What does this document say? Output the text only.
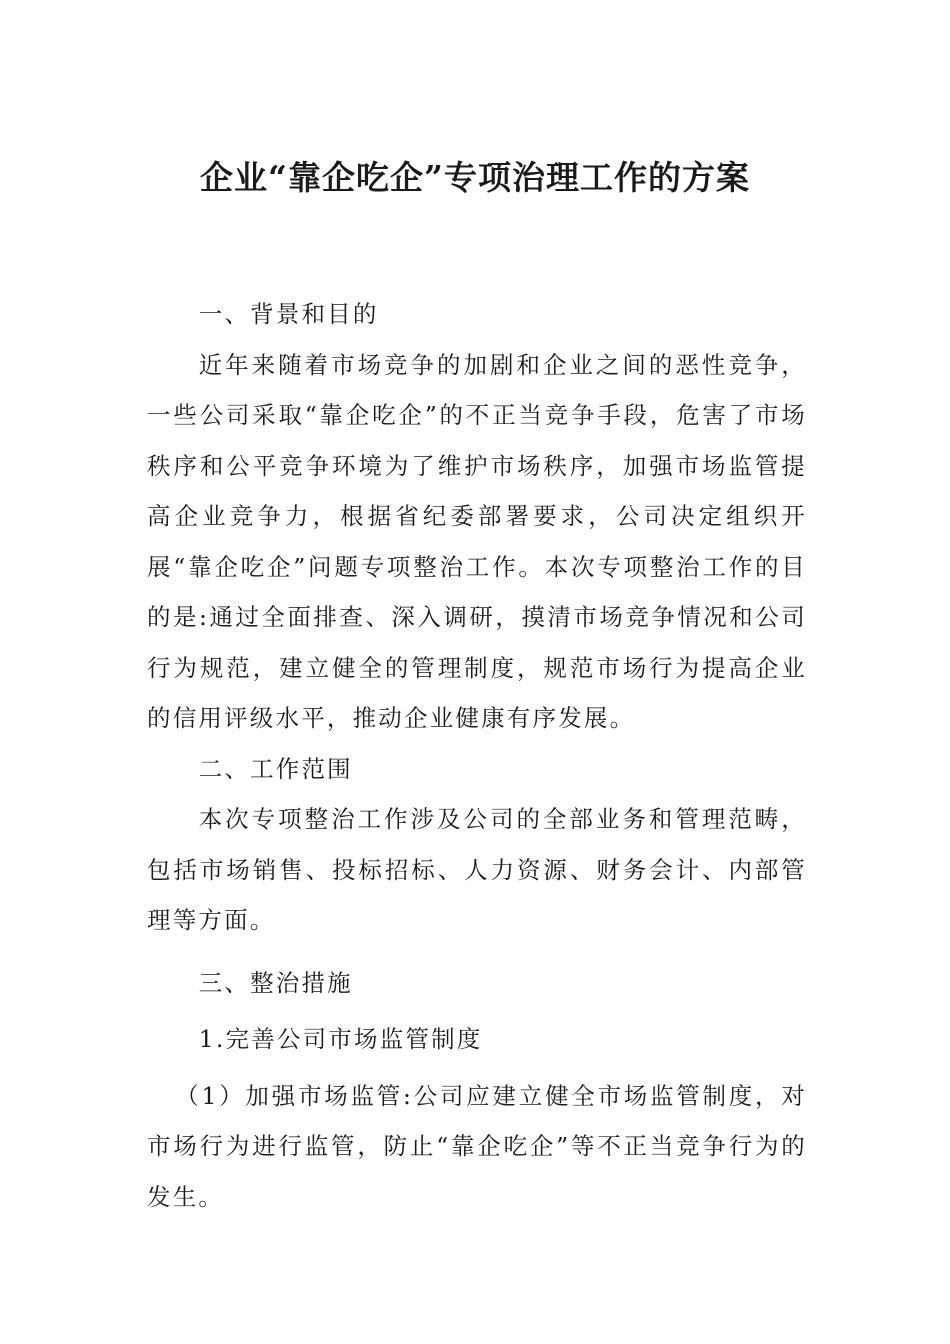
企业“靠企吃企”专项治理工作的方案

一、背景和目的

近年来随着市场竞争的加剧和企业之间的恶性竞争，一些公司采取“靠企吃企”的不正当竞争手段，危害了市场秩序和公平竞争环境为了维护市场秩序，加强市场监管提高企业竞争力，根据省纪委部署要求，公司决定组织开展“靠企吃企”问题专项整治工作。本次专项整治工作的目的是:通过全面排查、深入调研，摸清市场竞争情况和公司行为规范，建立健全的管理制度，规范市场行为提高企业的信用评级水平，推动企业健康有序发展。

二、工作范围

本次专项整治工作涉及公司的全部业务和管理范畴，包括市场销售、投标招标、人力资源、财务会计、内部管理等方面。

三、整治措施

1.完善公司市场监管制度

（1）加强市场监管:公司应建立健全市场监管制度，对市场行为进行监管，防止“靠企吃企”等不正当竞争行为的发生。
